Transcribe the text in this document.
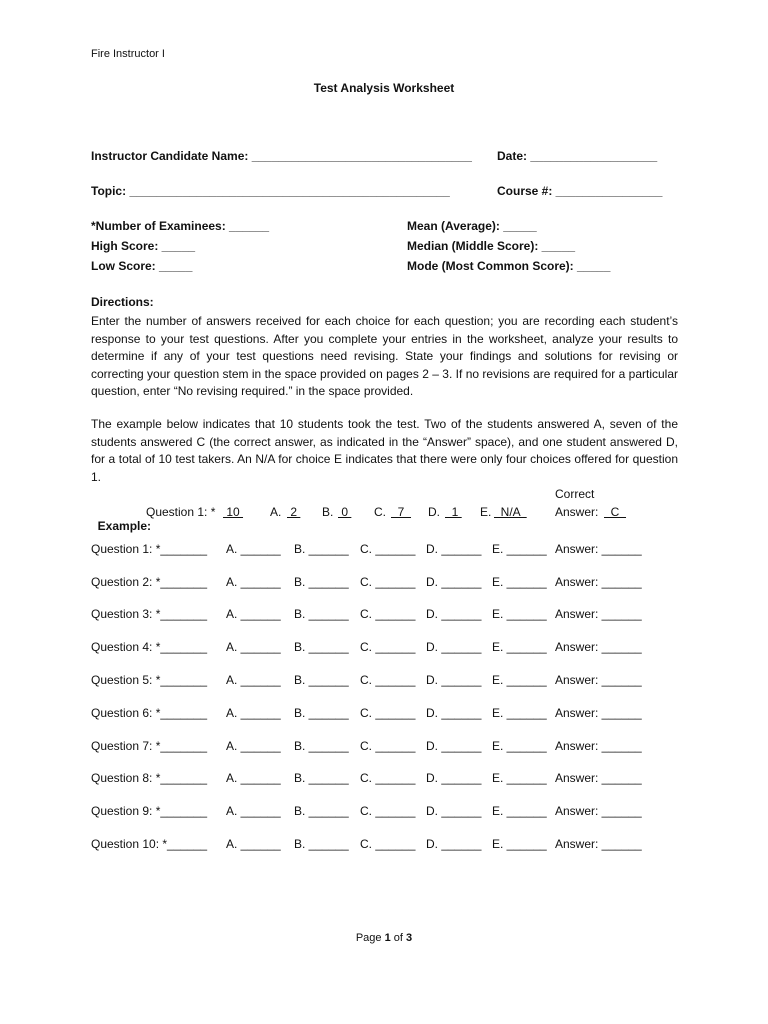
Fire Instructor I
Test Analysis Worksheet
Instructor Candidate Name: _________________________________ Date: ___________________
Topic: ________________________________________________	Course #: ________________
*Number of Examinees: ______
High Score: _____
Low Score: _____
Mean (Average): _____
Median (Middle Score): _____
Mode (Most Common Score): _____
Directions:
Enter the number of answers received for each choice for each question; you are recording each student’s response to your test questions. After you complete your entries in the worksheet, analyze your results to determine if any of your test questions need revising. State your findings and solutions for revising or correcting your question stem in the space provided on pages 2 – 3. If no revisions are required for a particular question, enter “No revising required.” in the space provided.
The example below indicates that 10 students took the test. Two of the students answered A, seven of the students answered C (the correct answer, as indicated in the “Answer” space), and one student answered D, for a total of 10 test takers. An N/A for choice E indicates that there were only four choices offered for question 1.
Correct

Example:

Question 1: * 10 A. 2 B. 0 C. 7 D. 1 E. N/A Answer: C
Question 1: *_______ A. ______ B. ______ C. ______ D. ______ E. ______ Answer: ______
Question 2: *_______ A. ______ B. ______ C. ______ D. ______ E. ______ Answer: ______
Question 3: *_______ A. ______ B. ______ C. ______ D. ______ E. ______ Answer: ______
Question 4: *_______ A. ______ B. ______ C. ______ D. ______ E. ______ Answer: ______
Question 5: *_______ A. ______ B. ______ C. ______ D. ______ E. ______ Answer: ______
Question 6: *_______ A. ______ B. ______ C. ______ D. ______ E. ______ Answer: ______
Question 7: *_______ A. ______ B. ______ C. ______ D. ______ E. ______ Answer: ______
Question 8: *_______ A. ______ B. ______ C. ______ D. ______ E. ______ Answer: ______
Question 9: *_______ A. ______ B. ______ C. ______ D. ______ E. ______ Answer: ______
Question 10: *______ A. ______ B. ______ C. ______ D. ______ E. ______ Answer: ______
Page 1 of 3
